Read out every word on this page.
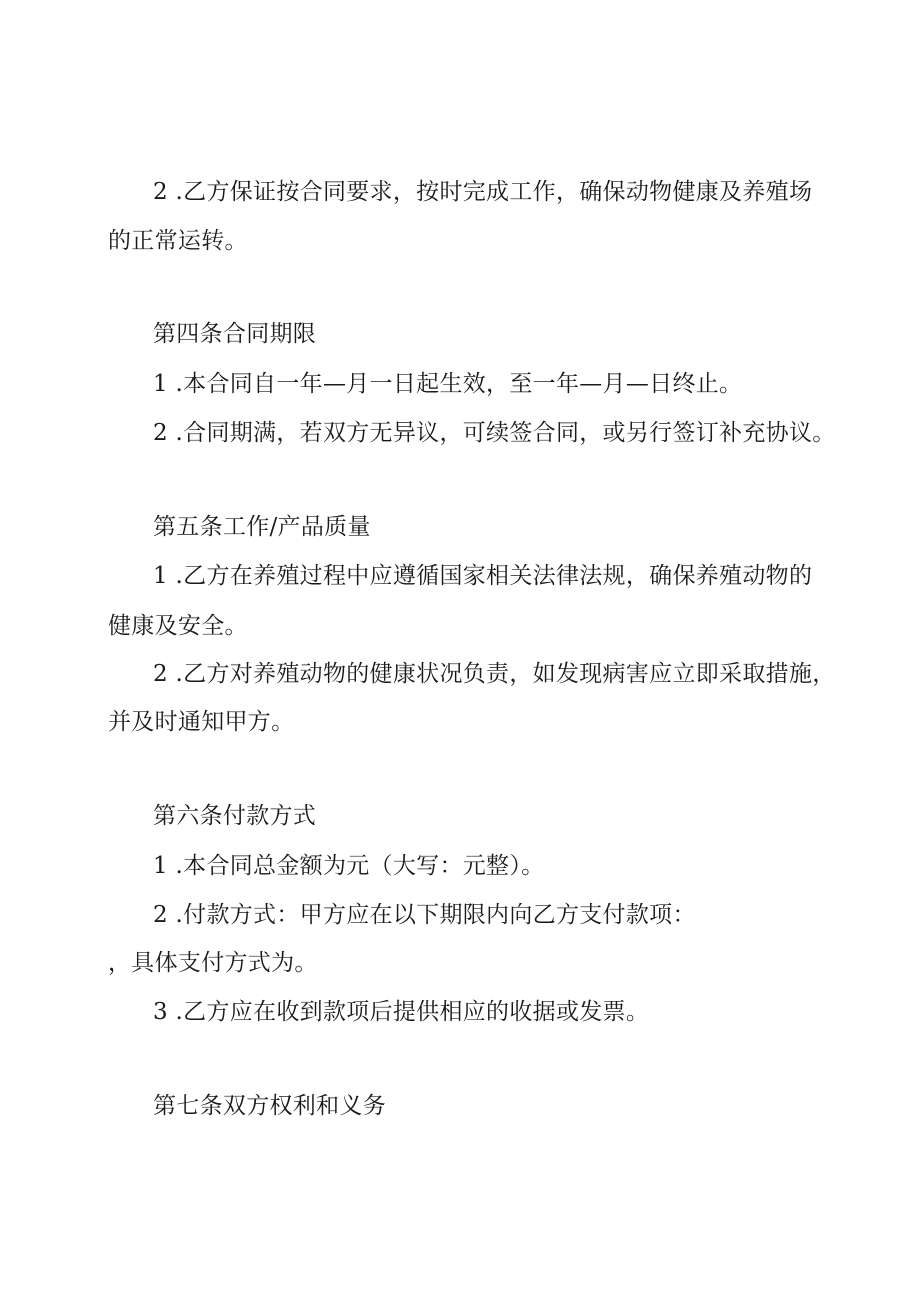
2 .乙方保证按合同要求，按时完成工作，确保动物健康及养殖场
的正常运转。
第四条合同期限
1 .本合同自一年—月一日起生效，至一年—月—日终止。
2 .合同期满，若双方无异议，可续签合同，或另行签订补充协议。
第五条工作/产品质量
1 .乙方在养殖过程中应遵循国家相关法律法规，确保养殖动物的
健康及安全。
2 .乙方对养殖动物的健康状况负责，如发现病害应立即采取措施，
并及时通知甲方。
第六条付款方式
1 .本合同总金额为元（大写：元整）。
2 .付款方式：甲方应在以下期限内向乙方支付款项：
，具体支付方式为。
3 .乙方应在收到款项后提供相应的收据或发票。
第七条双方权利和义务
